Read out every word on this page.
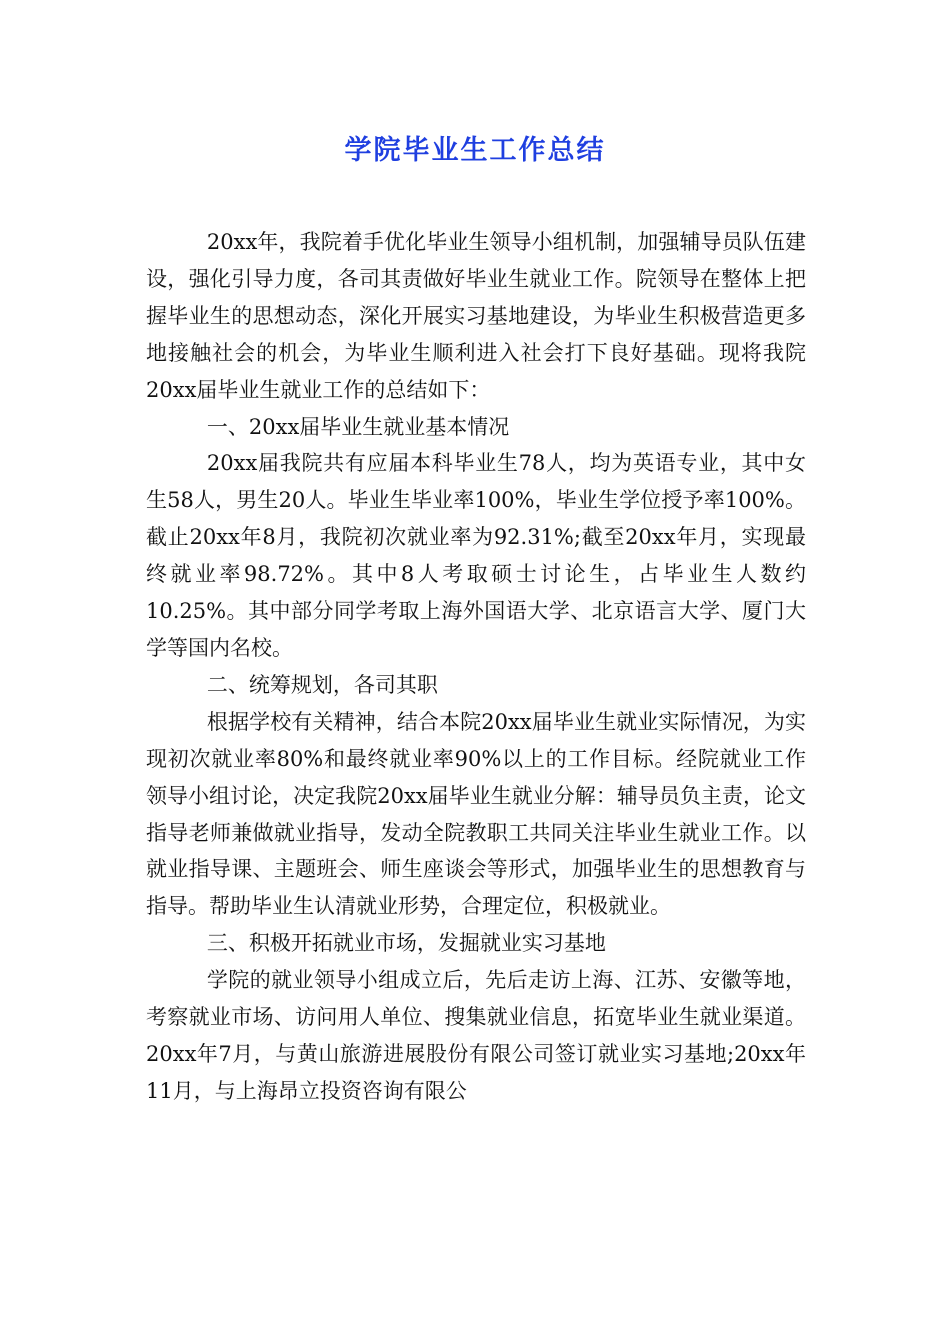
学院毕业生工作总结

20xx年，我院着手优化毕业生领导小组机制，加强辅导员队伍建设，强化引导力度，各司其责做好毕业生就业工作。院领导在整体上把握毕业生的思想动态，深化开展实习基地建设，为毕业生积极营造更多地接触社会的机会，为毕业生顺利进入社会打下良好基础。现将我院20xx届毕业生就业工作的总结如下：

一、20xx届毕业生就业基本情况

20xx届我院共有应届本科毕业生78人，均为英语专业，其中女生58人，男生20人。毕业生毕业率100%，毕业生学位授予率100%。截止20xx年8月，我院初次就业率为92.31%;截至20xx年月，实现最终就业率98.72%。其中8人考取硕士讨论生，占毕业生人数约10.25%。其中部分同学考取上海外国语大学、北京语言大学、厦门大学等国内名校。

二、统筹规划，各司其职

根据学校有关精神，结合本院20xx届毕业生就业实际情况，为实现初次就业率80%和最终就业率90%以上的工作目标。经院就业工作领导小组讨论，决定我院20xx届毕业生就业分解：辅导员负主责，论文指导老师兼做就业指导，发动全院教职工共同关注毕业生就业工作。以就业指导课、主题班会、师生座谈会等形式，加强毕业生的思想教育与指导。帮助毕业生认清就业形势，合理定位，积极就业。

三、积极开拓就业市场，发掘就业实习基地

学院的就业领导小组成立后，先后走访上海、江苏、安徽等地，考察就业市场、访问用人单位、搜集就业信息，拓宽毕业生就业渠道。20xx年7月，与黄山旅游进展股份有限公司签订就业实习基地;20xx年11月，与上海昂立投资咨询有限公
